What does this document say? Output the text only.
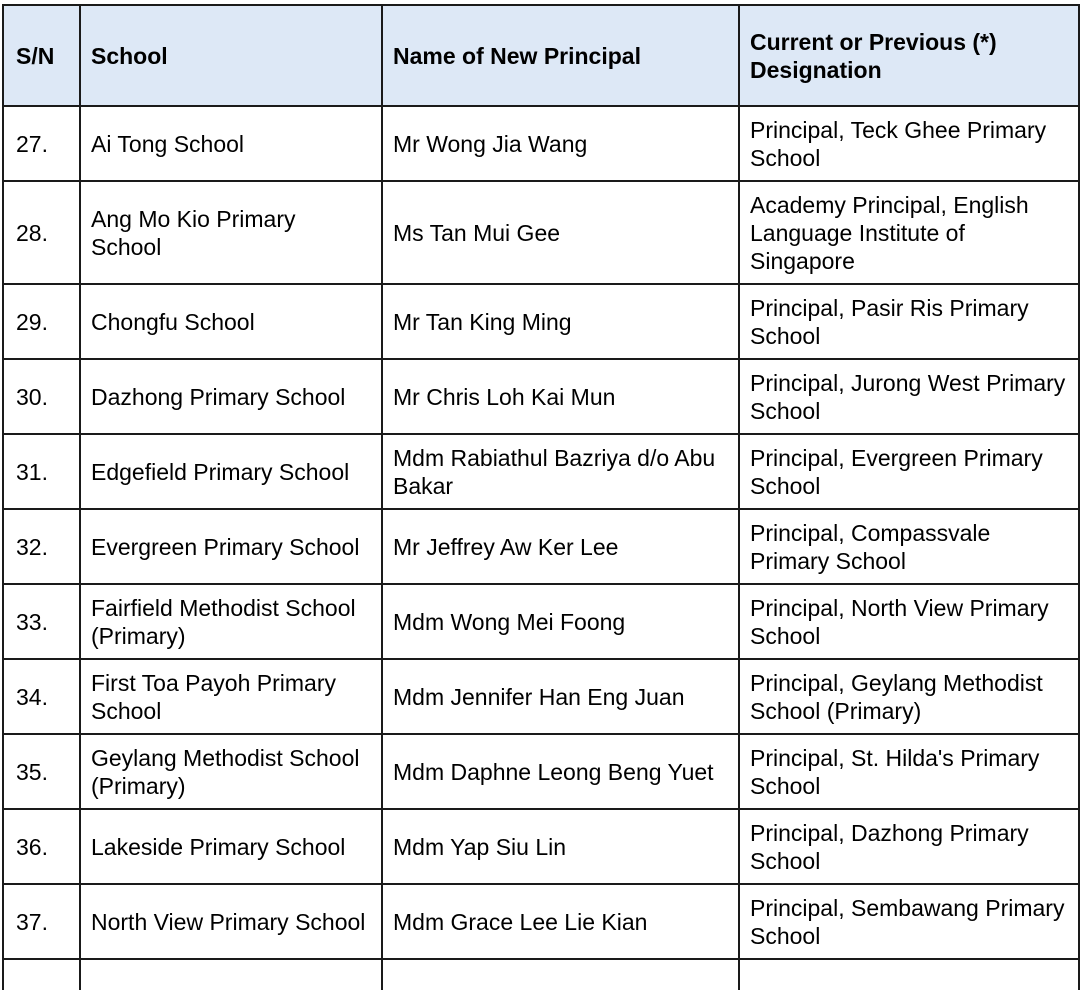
S/N	School	Name of New Principal	Current or Previous (*) Designation
27.	Ai Tong School	Mr Wong Jia Wang	Principal, Teck Ghee Primary School
28.	Ang Mo Kio Primary School	Ms Tan Mui Gee	Academy Principal, English Language Institute of Singapore
29.	Chongfu School	Mr Tan King Ming	Principal, Pasir Ris Primary School
30.	Dazhong Primary School	Mr Chris Loh Kai Mun	Principal, Jurong West Primary School
31.	Edgefield Primary School	Mdm Rabiathul Bazriya d/o Abu Bakar	Principal, Evergreen Primary School
32.	Evergreen Primary School	Mr Jeffrey Aw Ker Lee	Principal, Compassvale Primary School
33.	Fairfield Methodist School (Primary)	Mdm Wong Mei Foong	Principal, North View Primary School
34.	First Toa Payoh Primary School	Mdm Jennifer Han Eng Juan	Principal, Geylang Methodist School (Primary)
35.	Geylang Methodist School (Primary)	Mdm Daphne Leong Beng Yuet	Principal, St. Hilda's Primary School
36.	Lakeside Primary School	Mdm Yap Siu Lin	Principal, Dazhong Primary School
37.	North View Primary School	Mdm Grace Lee Lie Kian	Principal, Sembawang Primary School
